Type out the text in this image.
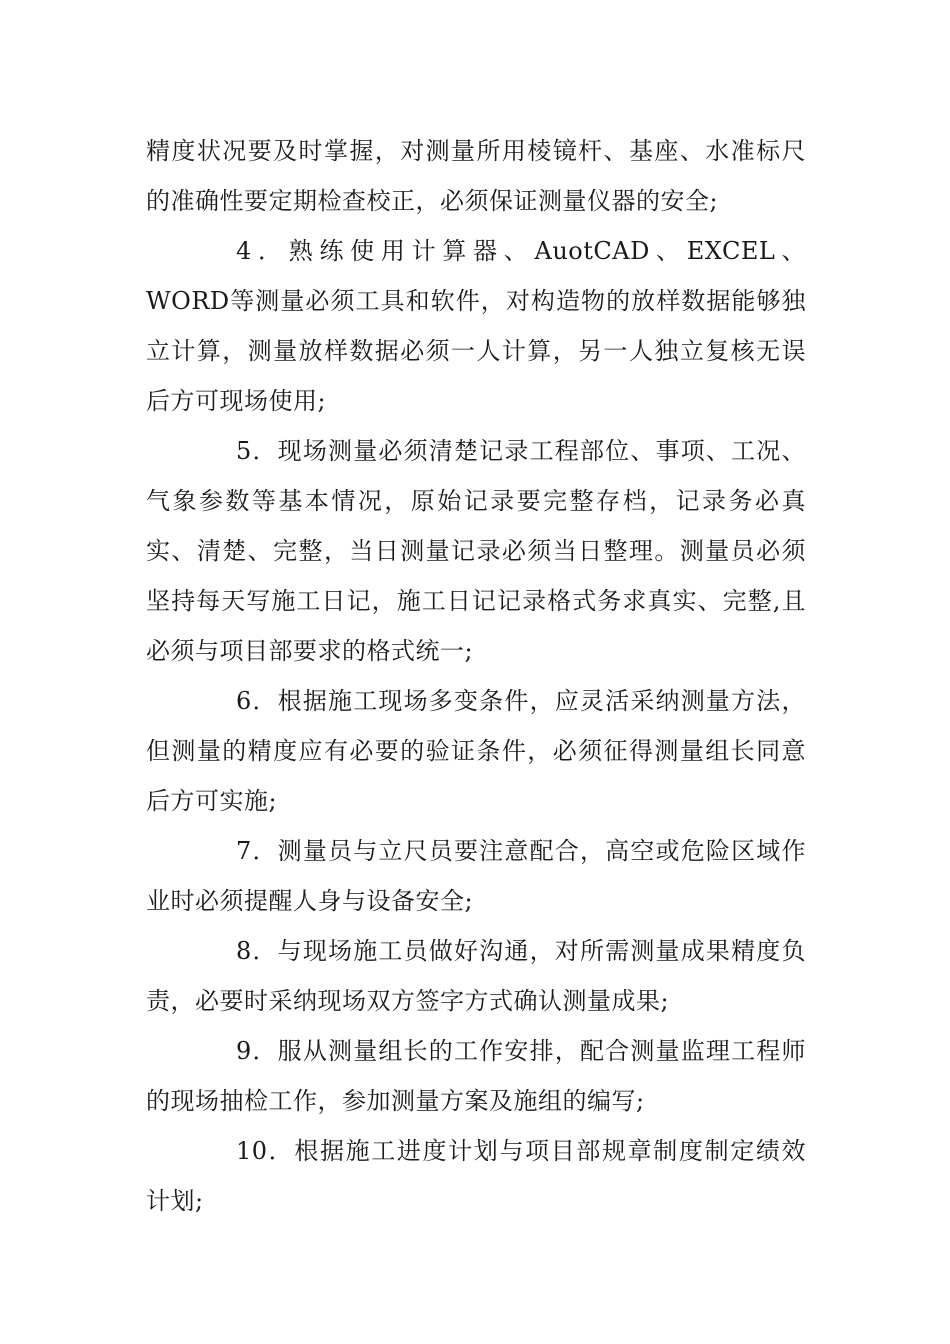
精度状况要及时掌握，对测量所用棱镜杆、基座、水准标尺的准确性要定期检查校正，必须保证测量仪器的安全;

4．熟练使用计算器、AuotCAD、EXCEL、WORD等测量必须工具和软件，对构造物的放样数据能够独立计算，测量放样数据必须一人计算，另一人独立复核无误后方可现场使用;

5．现场测量必须清楚记录工程部位、事项、工况、气象参数等基本情况，原始记录要完整存档，记录务必真实、清楚、完整，当日测量记录必须当日整理。测量员必须坚持每天写施工日记，施工日记记录格式务求真实、完整,且必须与项目部要求的格式统一;

6．根据施工现场多变条件，应灵活采纳测量方法，但测量的精度应有必要的验证条件，必须征得测量组长同意后方可实施;

7．测量员与立尺员要注意配合，高空或危险区域作业时必须提醒人身与设备安全;

8．与现场施工员做好沟通，对所需测量成果精度负责，必要时采纳现场双方签字方式确认测量成果;

9．服从测量组长的工作安排，配合测量监理工程师的现场抽检工作，参加测量方案及施组的编写;

10．根据施工进度计划与项目部规章制度制定绩效计划;
